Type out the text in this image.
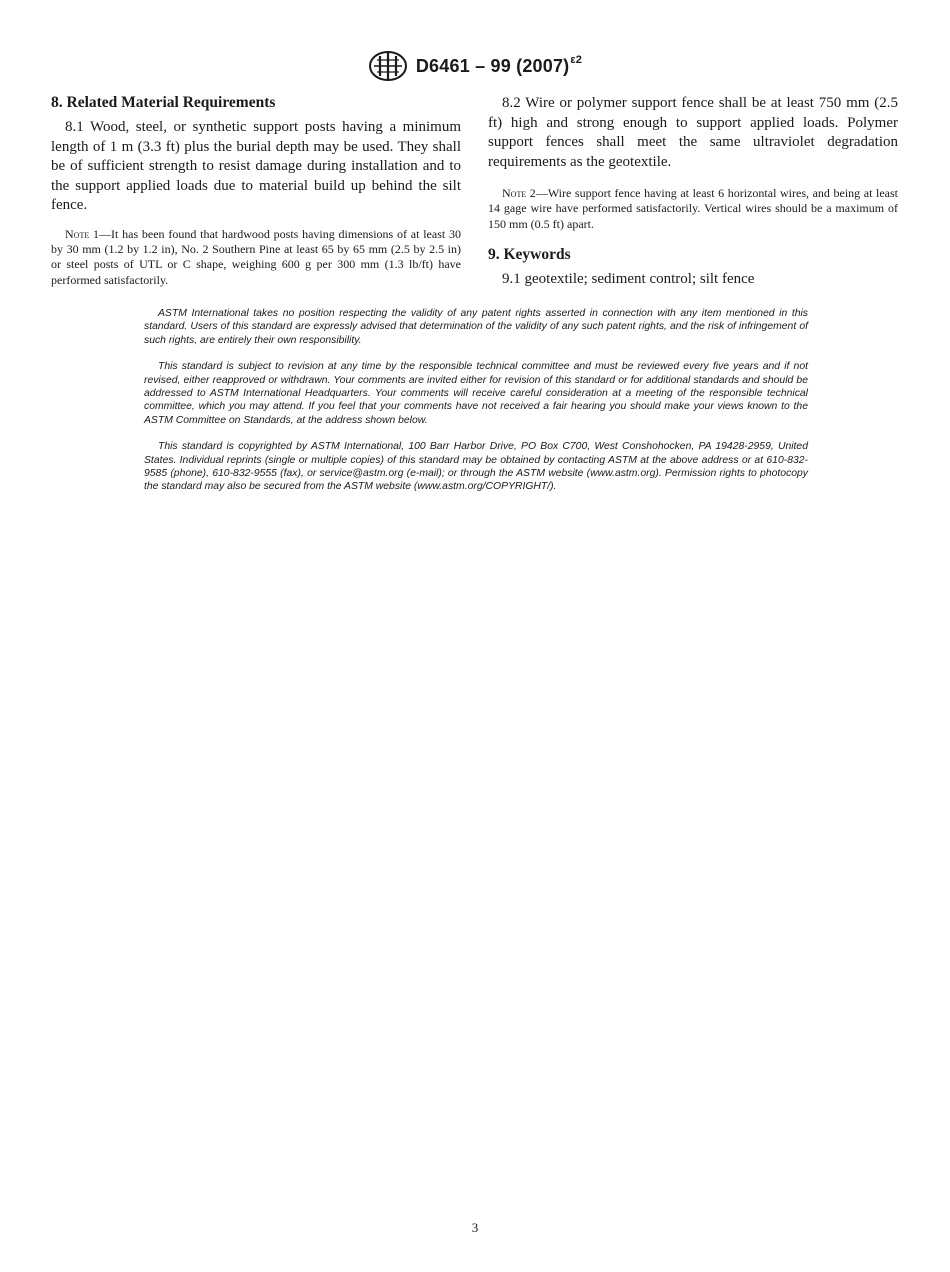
D6461 – 99 $(2007)^{\varepsilon 2}$
8. Related Material Requirements

8.1 Wood, steel, or synthetic support posts having a minimum length of 1 m (3.3 ft) plus the burial depth may be used. They shall be of sufficient strength to resist damage during installation and to the support applied loads due to material build up behind the silt fence.

Note 1—It has been found that hardwood posts having dimensions of at least 30 by 30 mm (1.2 by 1.2 in), No. 2 Southern Pine at least 65 by 65 mm (2.5 by 2.5 in) or steel posts of UTL or C shape, weighing 600 g per 300 mm (1.3 lb/ft) have performed satisfactorily.

8.2 Wire or polymer support fence shall be at least 750 mm (2.5 ft) high and strong enough to support applied loads. Polymer support fences shall meet the same ultraviolet degradation requirements as the geotextile.

Note 2—Wire support fence having at least 6 horizontal wires, and being at least 14 gage wire have performed satisfactorily. Vertical wires should be a maximum of 150 mm (0.5 ft) apart.

9. Keywords

9.1 geotextile; sediment control; silt fence

ASTM International takes no position respecting the validity of any patent rights asserted in connection with any item mentioned in this standard. Users of this standard are expressly advised that determination of the validity of any such patent rights, and the risk of infringement of such rights, are entirely their own responsibility.

This standard is subject to revision at any time by the responsible technical committee and must be reviewed every five years and if not revised, either reapproved or withdrawn. Your comments are invited either for revision of this standard or for additional standards and should be addressed to ASTM International Headquarters. Your comments will receive careful consideration at a meeting of the responsible technical committee, which you may attend. If you feel that your comments have not received a fair hearing you should make your views known to the ASTM Committee on Standards, at the address shown below.

This standard is copyrighted by ASTM International, 100 Barr Harbor Drive, PO Box C700, West Conshohocken, PA 19428-2959, United States. Individual reprints (single or multiple copies) of this standard may be obtained by contacting ASTM at the above address or at 610-832-9585 (phone), 610-832-9555 (fax), or service@astm.org (e-mail); or through the ASTM website (www.astm.org). Permission rights to photocopy the standard may also be secured from the ASTM website (www.astm.org/COPYRIGHT/).

3
